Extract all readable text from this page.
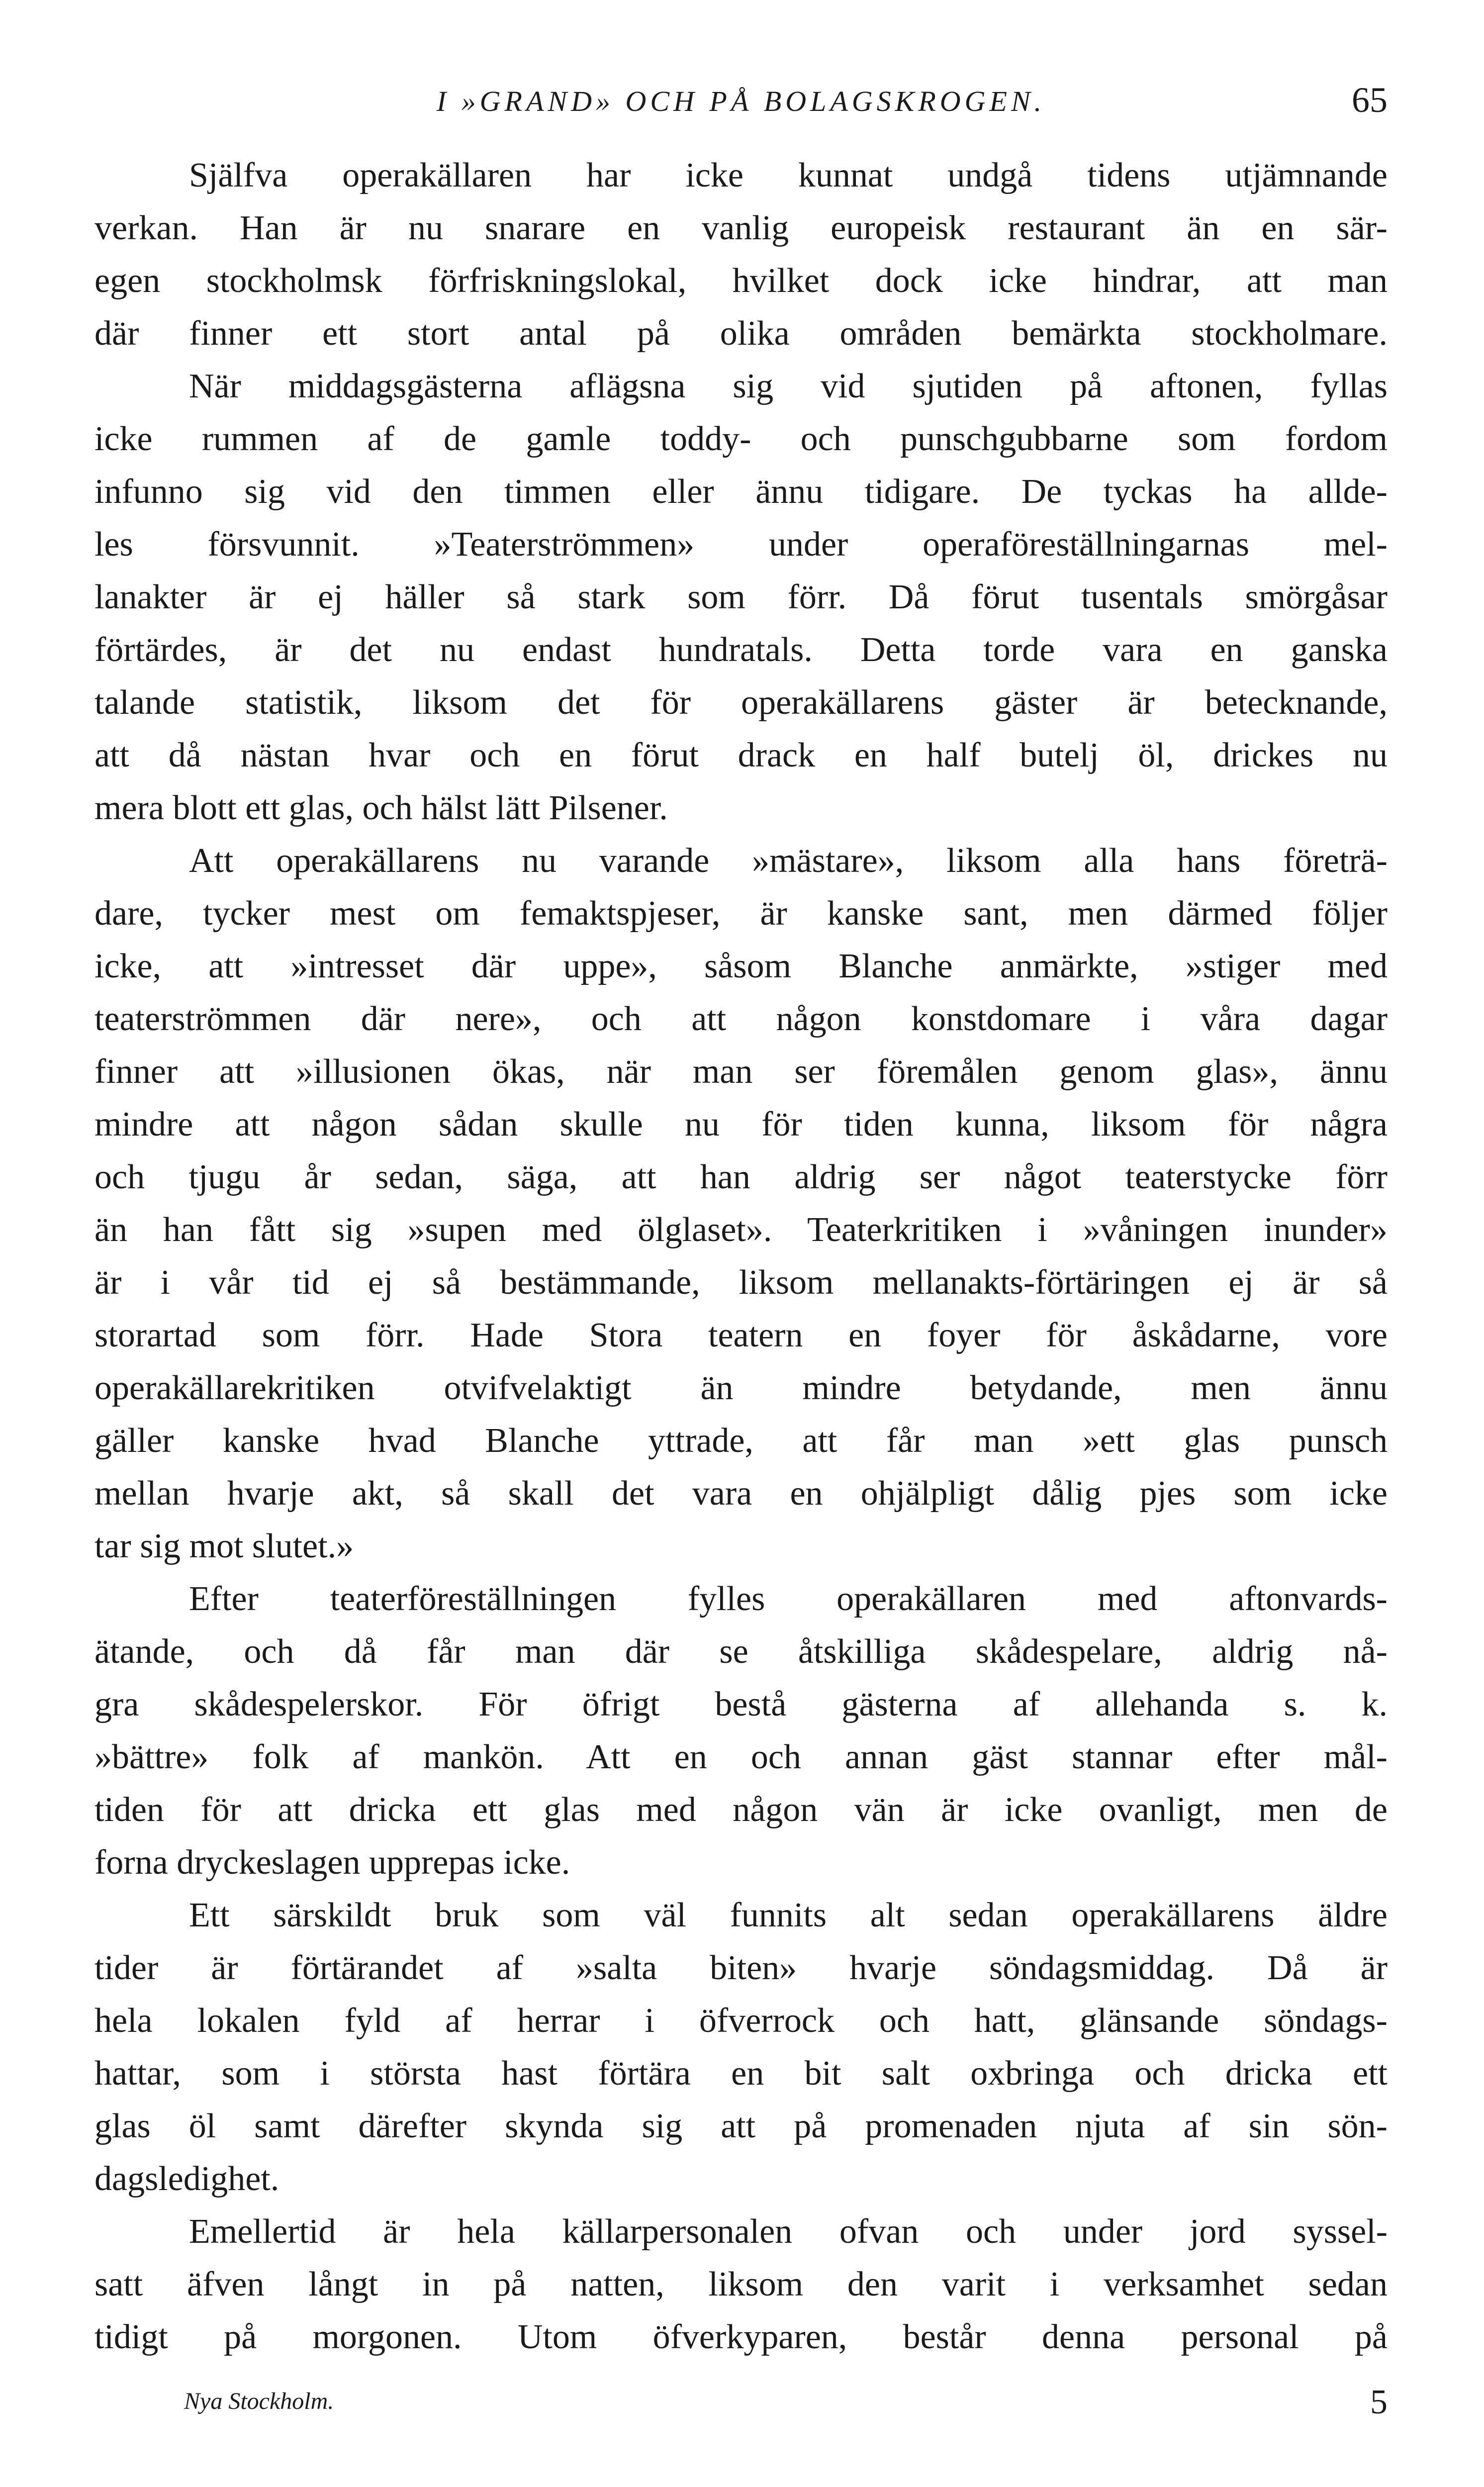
I »GRAND» OCH PÅ BOLAGSKROGEN.	65
Själfva operakällaren har icke kunnat undgå tidens utjämnande
verkan. Han är nu snarare en vanlig europeisk restaurant än en sär-
egen stockholmsk förfriskningslokal, hvilket dock icke hindrar, att man
där finner ett stort antal på olika områden bemärkta stockholmare.
När middagsgästerna aflägsna sig vid sjutiden på aftonen, fyllas
icke rummen af de gamle toddy- och punschgubbarne som fordom
infunno sig vid den timmen eller ännu tidigare. De tyckas ha allde-
les försvunnit. »Teaterströmmen» under operaföreställningarnas mel-
lanakter är ej häller så stark som förr. Då förut tusentals smörgåsar
förtärdes, är det nu endast hundratals. Detta torde vara en ganska
talande statistik, liksom det för operakällarens gäster är betecknande,
att då nästan hvar och en förut drack en half butelj öl, drickes nu
mera blott ett glas, och hälst lätt Pilsener.
Att operakällarens nu varande »mästare», liksom alla hans företrä-
dare, tycker mest om femaktspjeser, är kanske sant, men därmed följer
icke, att »intresset där uppe», såsom Blanche anmärkte, »stiger med
teaterströmmen där nere», och att någon konstdomare i våra dagar
finner att »illusionen ökas, när man ser föremålen genom glas», ännu
mindre att någon sådan skulle nu för tiden kunna, liksom för några
och tjugu år sedan, säga, att han aldrig ser något teaterstycke förr
än han fått sig »supen med ölglaset». Teaterkritiken i »våningen inunder»
är i vår tid ej så bestämmande, liksom mellanakts-förtäringen ej är så
storartad som förr. Hade Stora teatern en foyer för åskådarne, vore
operakällarekritiken otvifvelaktigt än mindre betydande, men ännu
gäller kanske hvad Blanche yttrade, att får man »ett glas punsch
mellan hvarje akt, så skall det vara en ohjälpligt dålig pjes som icke
tar sig mot slutet.»
Efter teaterföreställningen fylles operakällaren med aftonvards-
ätande, och då får man där se åtskilliga skådespelare, aldrig nå-
gra skådespelerskor. För öfrigt bestå gästerna af allehanda s. k.
»bättre» folk af mankön. Att en och annan gäst stannar efter mål-
tiden för att dricka ett glas med någon vän är icke ovanligt, men de
forna dryckeslagen upprepas icke.
Ett särskildt bruk som väl funnits alt sedan operakällarens äldre
tider är förtärandet af »salta biten» hvarje söndagsmiddag. Då är
hela lokalen fyld af herrar i öfverrock och hatt, glänsande söndags-
hattar, som i största hast förtära en bit salt oxbringa och dricka ett
glas öl samt därefter skynda sig att på promenaden njuta af sin sön-
dagsledighet.
Emellertid är hela källarpersonalen ofvan och under jord syssel-
satt äfven långt in på natten, liksom den varit i verksamhet sedan
tidigt på morgonen. Utom öfverkyparen, består denna personal på
Nya Stockholm.	5
